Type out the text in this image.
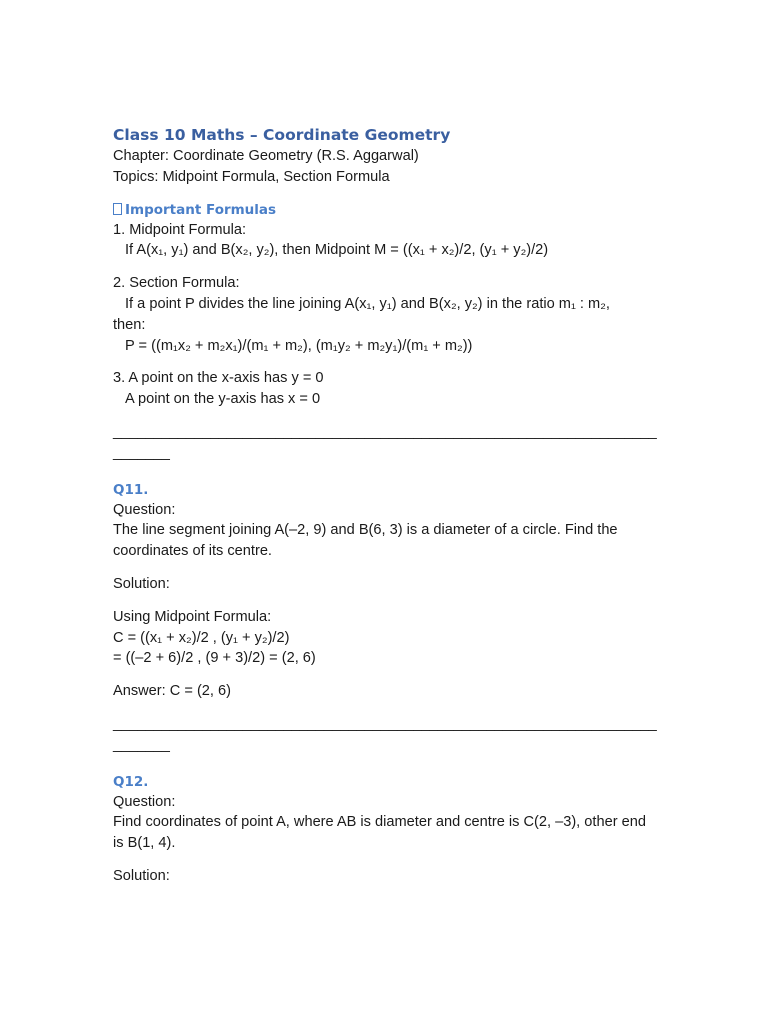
Class 10 Maths – Coordinate Geometry

Chapter: Coordinate Geometry (R.S. Aggarwal)

Topics: Midpoint Formula, Section Formula

Important Formulas

1. Midpoint Formula:

If A(x₁, y₁) and B(x₂, y₂), then Midpoint M = ((x₁ + x₂)/2, (y₁ + y₂)/2)

2. Section Formula:

If a point P divides the line joining A(x₁, y₁) and B(x₂, y₂) in the ratio m₁ : m₂,

then:

P = ((m₁x₂ + m₂x₁)/(m₁ + m₂), (m₁y₂ + m₂y₁)/(m₁ + m₂))

3. A point on the x-axis has y = 0

A point on the y-axis has x = 0

__________________________________________________________________________

Q11.

Question:

The line segment joining A(–2, 9) and B(6, 3) is a diameter of a circle. Find the coordinates of its centre.

Solution:

Using Midpoint Formula:

C = ((x₁ + x₂)/2 , (y₁ + y₂)/2)

= ((–2 + 6)/2 , (9 + 3)/2) = (2, 6)

Answer: C = (2, 6)

__________________________________________________________________________

Q12.

Question:

Find coordinates of point A, where AB is diameter and centre is C(2, –3), other end is B(1, 4).

Solution:
